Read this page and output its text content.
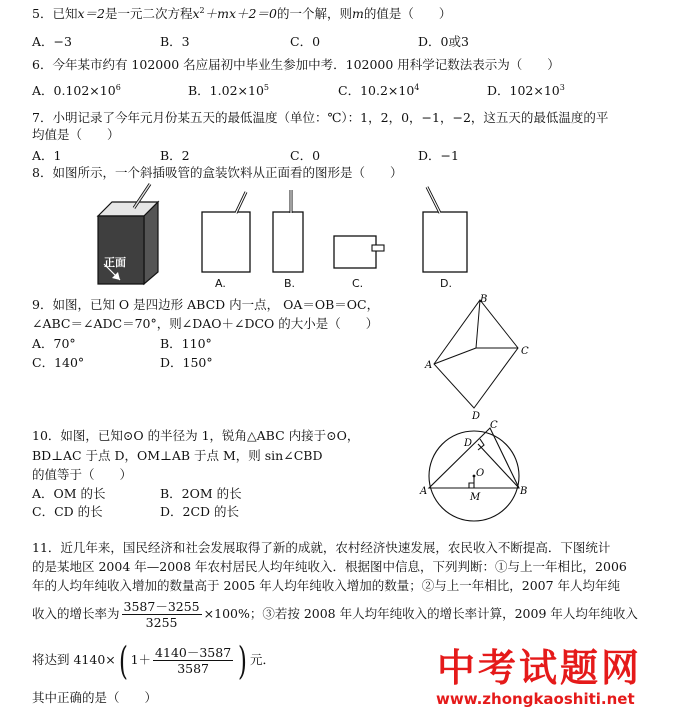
5．已知x＝2是一元二次方程$x^2+mx+2=0$的一个解，则m的值是（　　）
A．−3	B．3	C．0	D．0或3
6．今年某市约有 102000 名应届初中毕业生参加中考．102000 用科学记数法表示为（　　）
A．$0.102\times 10^6$	B．$1.02\times 10^5$	C．$10.2\times 10^4$	D．$102\times 10^3$
7．小明记录了今年元月份某五天的最低温度（单位：℃）：1，2，0，−1，−2，这五天的最低温度的平
均值是（　　）
A．1	B．2	C．0	D．−1
8．如图所示，一个斜插吸管的盒装饮料从正面看的图形是（　　）
正面
A.	B.	C.	D.
9．如图，已知 O 是四边形 ABCD 内一点， OA＝OB＝OC，
∠ABC＝∠ADC＝70°，则∠DAO＋∠DCO 的大小是（　　）
A．70°	B．110°
C．140°	D．150°
B
A
C
D
10．如图，已知⊙O 的半径为 1，锐角△ABC 内接于⊙O，
BD⊥AC 于点 D，OM⊥AB 于点 M，则 sin∠CBD
的值等于（　　）
A．OM 的长	B．2OM 的长
C．CD 的长	D．2CD 的长
A	B
C
D
O
M
11．近几年来，国民经济和社会发展取得了新的成就，农村经济快速发展，农民收入不断提高．下图统计
的是某地区 2004 年—2008 年农村居民人均年纯收入．根据图中信息，下列判断：①与上一年相比，2006
年的人均年纯收入增加的数量高于 2005 年人均年纯收入增加的数量；②与上一年相比，2007 年人均年纯
收入的增长率为 $\frac{3587-3255}{3255} \times 100\%$；③若按 2008 年人均年纯收入的增长率计算，2009 年人均年纯收入
将达到 4140×( $1+ \frac{4140-3587}{3587}$ ) 元．
其中正确的是（　　）
中考试题网
www.zhongkaoshiti.net
